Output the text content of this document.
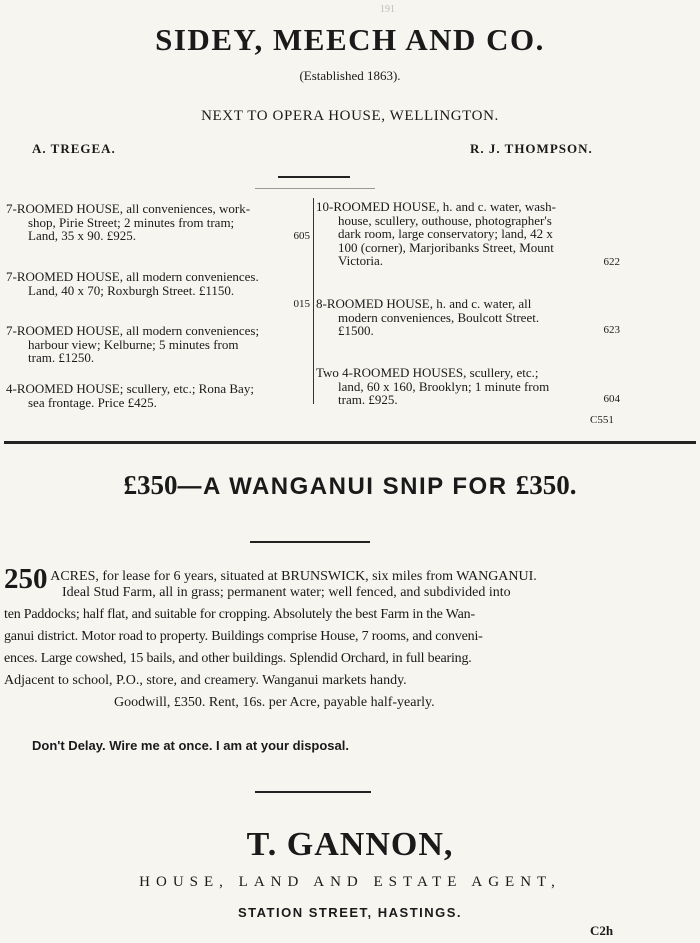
191
SIDEY, MEECH AND CO.
(Established 1863).
NEXT TO OPERA HOUSE, WELLINGTON.
A. TREGEA.	R. J. THOMPSON.
7-ROOMED HOUSE, all conveniences, work-
shop, Pirie Street; 2 minutes from tram;
Land, 35 x 90. £925.	605
7-ROOMED HOUSE, all modern conveniences.
Land, 40 x 70; Roxburgh Street. £1150.
015
7-ROOMED HOUSE, all modern conveniences;
harbour view; Kelburne; 5 minutes from
tram. £1250.
4-ROOMED HOUSE; scullery, etc.; Rona Bay;
sea frontage. Price £425.
10-ROOMED HOUSE, h. and c. water, wash-
house, scullery, outhouse, photographer's
dark room, large conservatory; land, 42 x
100 (corner), Marjoribanks Street, Mount
Victoria.	622
8-ROOMED HOUSE, h. and c. water, all
modern conveniences, Boulcott Street.
£1500.	623
Two 4-ROOMED HOUSES, scullery, etc.;
land, 60 x 160, Brooklyn; 1 minute from
tram. £925.	604
C551
£350—A WANGANUI SNIP FOR £350.
250 ACRES, for lease for 6 years, situated at BRUNSWICK, six miles from WANGANUI.
Ideal Stud Farm, all in grass; permanent water; well fenced, and subdivided into
ten Paddocks; half flat, and suitable for cropping. Absolutely the best Farm in the Wan-
ganui district. Motor road to property. Buildings comprise House, 7 rooms, and conveni-
ences. Large cowshed, 15 bails, and other buildings. Splendid Orchard, in full bearing.
Adjacent to school, P.O., store, and creamery. Wanganui markets handy.
Goodwill, £350. Rent, 16s. per Acre, payable half-yearly.
Don't Delay. Wire me at once. I am at your disposal.
T. GANNON,
HOUSE, LAND AND ESTATE AGENT,
STATION STREET, HASTINGS.
C2h
